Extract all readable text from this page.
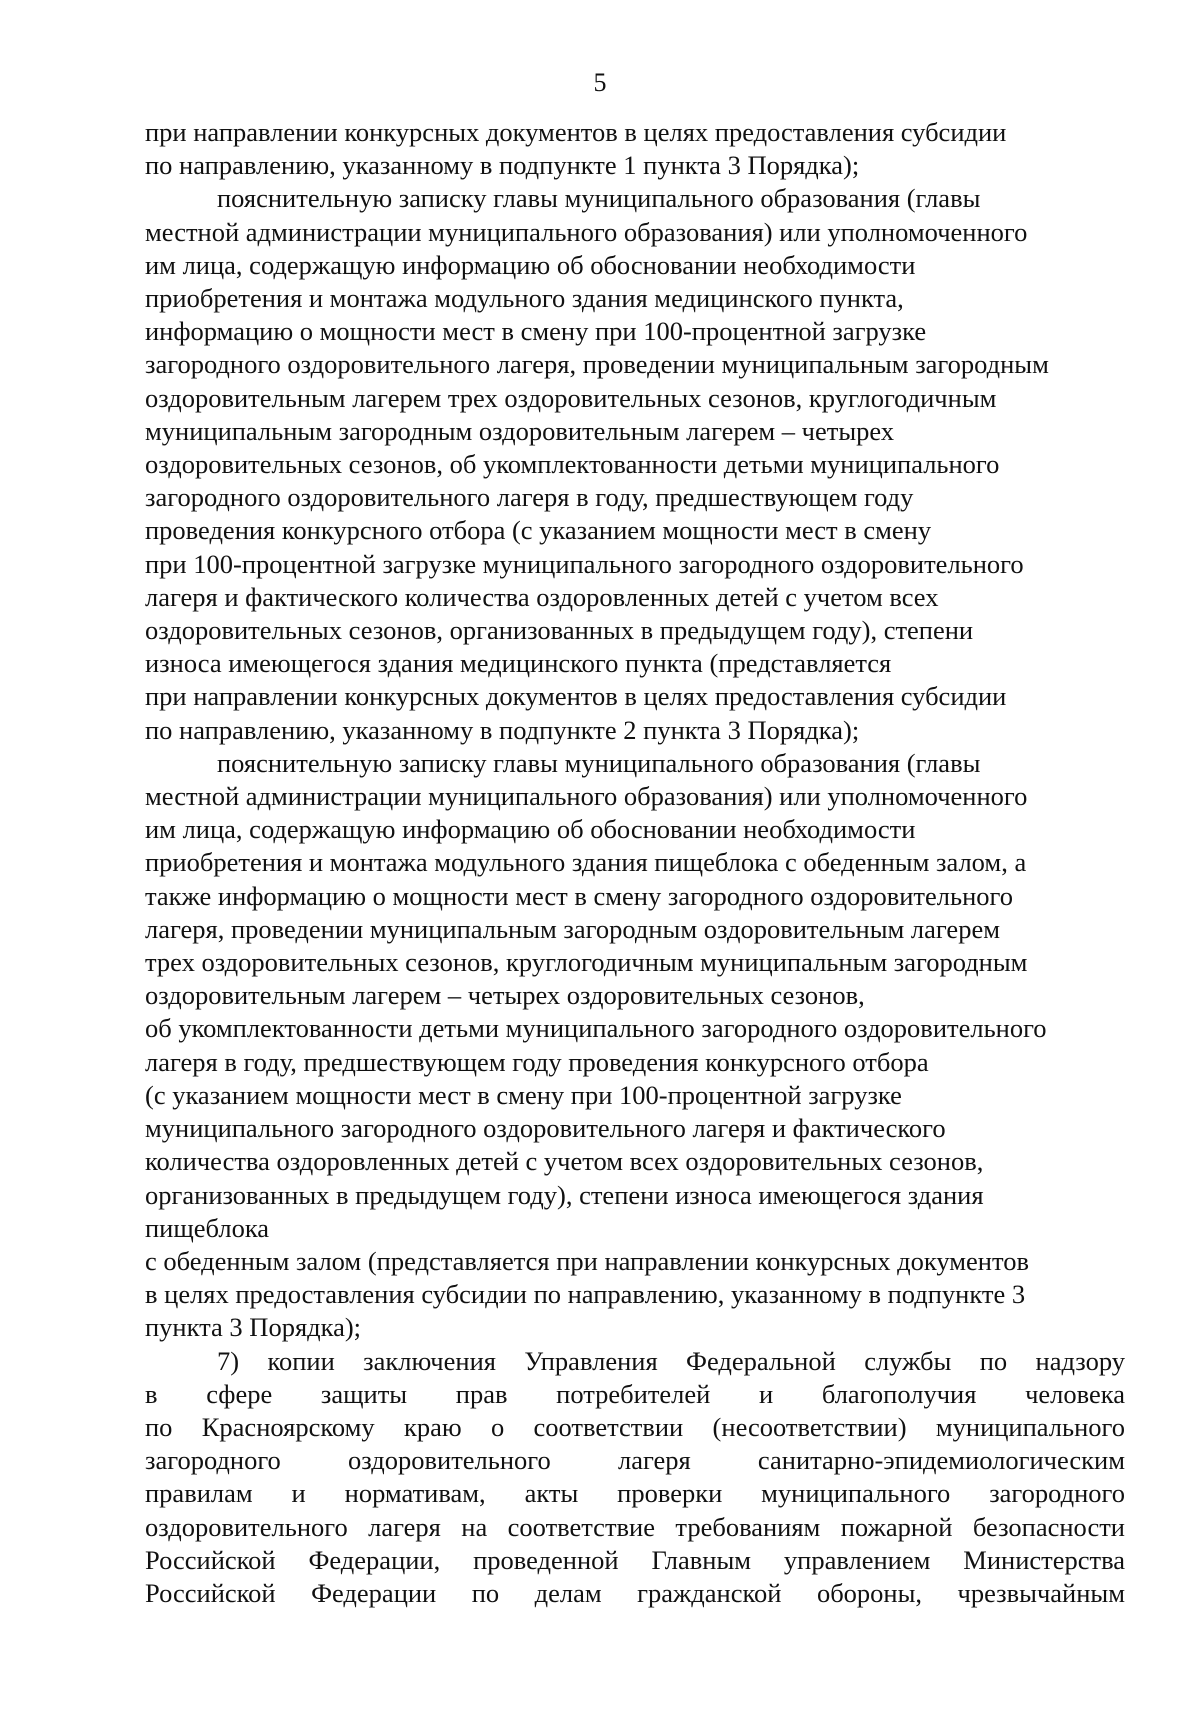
5

при направлении конкурсных документов в целях предоставления субсидии
по направлению, указанному в подпункте 1 пункта 3 Порядка);

пояснительную записку главы муниципального образования (главы
местной администрации муниципального образования) или уполномоченного
им лица, содержащую информацию об обосновании необходимости
приобретения и монтажа модульного здания медицинского пункта,
информацию о мощности мест в смену при 100-процентной загрузке
загородного оздоровительного лагеря, проведении муниципальным загородным
оздоровительным лагерем трех оздоровительных сезонов, круглогодичным
муниципальным загородным оздоровительным лагерем – четырех
оздоровительных сезонов, об укомплектованности детьми муниципального
загородного оздоровительного лагеря в году, предшествующем году
проведения конкурсного отбора (с указанием мощности мест в смену
при 100-процентной загрузке муниципального загородного оздоровительного
лагеря и фактического количества оздоровленных детей с учетом всех
оздоровительных сезонов, организованных в предыдущем году), степени
износа имеющегося здания медицинского пункта (представляется
при направлении конкурсных документов в целях предоставления субсидии
по направлению, указанному в подпункте 2 пункта 3 Порядка);

пояснительную записку главы муниципального образования (главы
местной администрации муниципального образования) или уполномоченного
им лица, содержащую информацию об обосновании необходимости
приобретения и монтажа модульного здания пищеблока с обеденным залом, а
также информацию о мощности мест в смену загородного оздоровительного
лагеря, проведении муниципальным загородным оздоровительным лагерем
трех оздоровительных сезонов, круглогодичным муниципальным загородным
оздоровительным лагерем – четырех оздоровительных сезонов,
об укомплектованности детьми муниципального загородного оздоровительного
лагеря в году, предшествующем году проведения конкурсного отбора
(с указанием мощности мест в смену при 100-процентной загрузке
муниципального загородного оздоровительного лагеря и фактического
количества оздоровленных детей с учетом всех оздоровительных сезонов,
организованных в предыдущем году), степени износа имеющегося здания
пищеблока

с обеденным залом (представляется при направлении конкурсных документов
в целях предоставления субсидии по направлению, указанному в подпункте 3
пункта 3 Порядка);

7) копии заключения Управления Федеральной службы по надзору
в сфере защиты прав потребителей и благополучия человека
по Красноярскому краю о соответствии (несоответствии) муниципального
загородного оздоровительного лагеря санитарно-эпидемиологическим
правилам и нормативам, акты проверки муниципального загородного
оздоровительного лагеря на соответствие требованиям пожарной безопасности
Российской Федерации, проведенной Главным управлением Министерства
Российской Федерации по делам гражданской обороны, чрезвычайным
